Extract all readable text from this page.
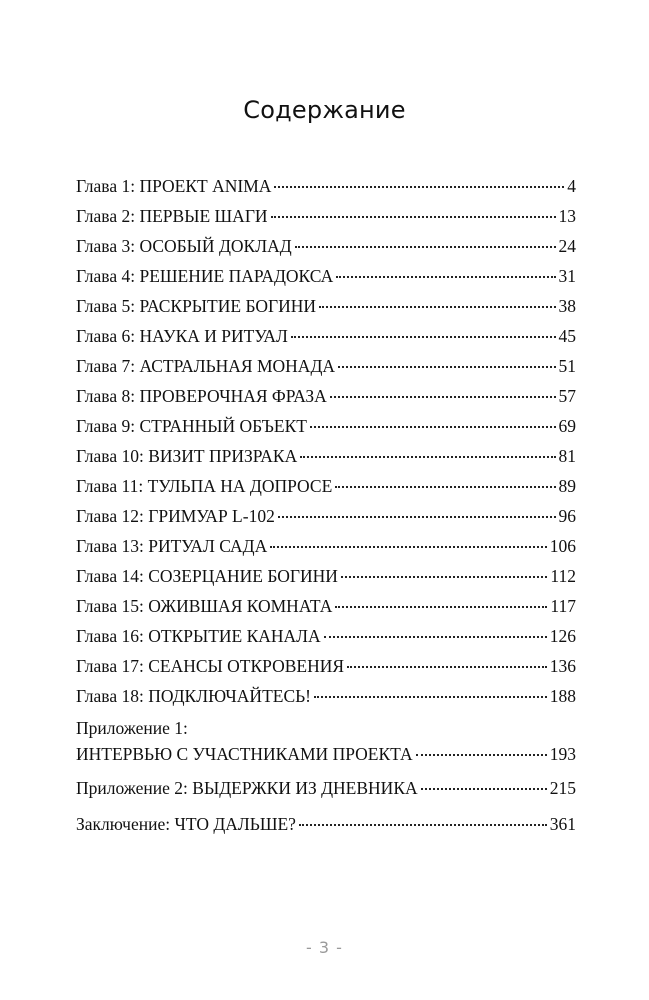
Содержание
Глава 1: ПРОЕКТ ANIMA	4
Глава 2: ПЕРВЫЕ ШАГИ	13
Глава 3: ОСОБЫЙ ДОКЛАД	24
Глава 4: РЕШЕНИЕ ПАРАДОКСА	31
Глава 5: РАСКРЫТИЕ БОГИНИ	38
Глава 6: НАУКА И РИТУАЛ	45
Глава 7: АСТРАЛЬНАЯ МОНАДА	51
Глава 8: ПРОВЕРОЧНАЯ ФРАЗА	57
Глава 9: СТРАННЫЙ ОБЪЕКТ	69
Глава 10: ВИЗИТ ПРИЗРАКА	81
Глава 11: ТУЛЬПА НА ДОПРОСЕ	89
Глава 12: ГРИМУАР L-102	96
Глава 13: РИТУАЛ САДА	106
Глава 14: СОЗЕРЦАНИЕ БОГИНИ	112
Глава 15: ОЖИВШАЯ КОМНАТА	117
Глава 16: ОТКРЫТИЕ КАНАЛА	126
Глава 17: СЕАНСЫ ОТКРОВЕНИЯ	136
Глава 18: ПОДКЛЮЧАЙТЕСЬ!	188
Приложение 1:
ИНТЕРВЬЮ С УЧАСТНИКАМИ ПРОЕКТА	193
Приложение 2: ВЫДЕРЖКИ ИЗ ДНЕВНИКА	215
Заключение: ЧТО ДАЛЬШЕ?	361
- 3 -
